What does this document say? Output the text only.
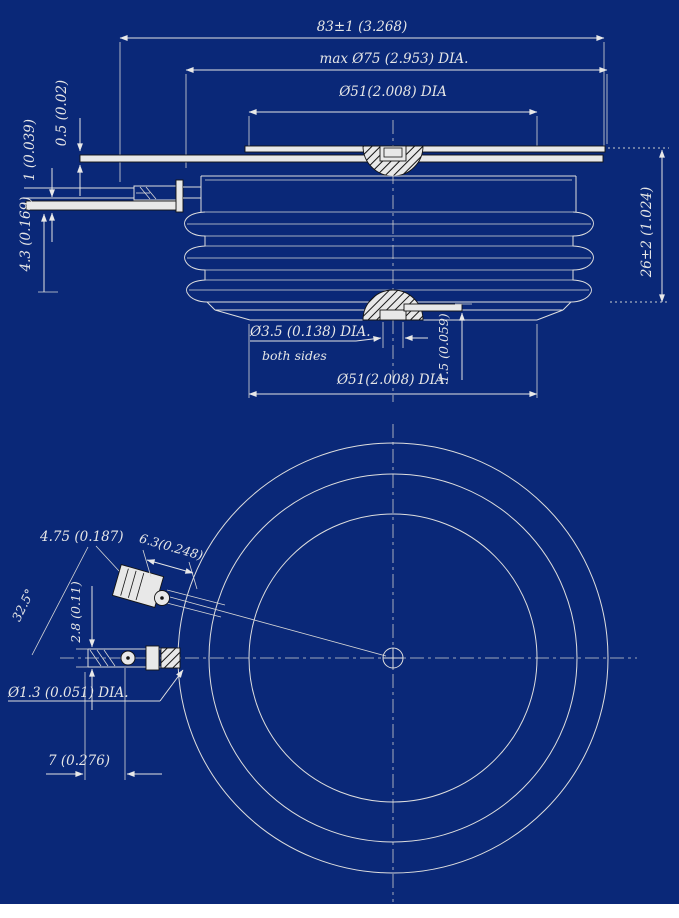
83±1 (3.268)
max Ø75 (2.953) DIA.
Ø51(2.008) DIA
0.5 (0.02)
1 (0.039)
4.3 (0.169)	26±2 (1.024)
Ø3.5 (0.138) DIA.
both sides	1.5 (0.059)
Ø51(2.008) DIA.
4.75 (0.187) 6.3(0.248)
32.5° 2.8 (0.11)
Ø1.3 (0.051) DIA.
7 (0.276)
